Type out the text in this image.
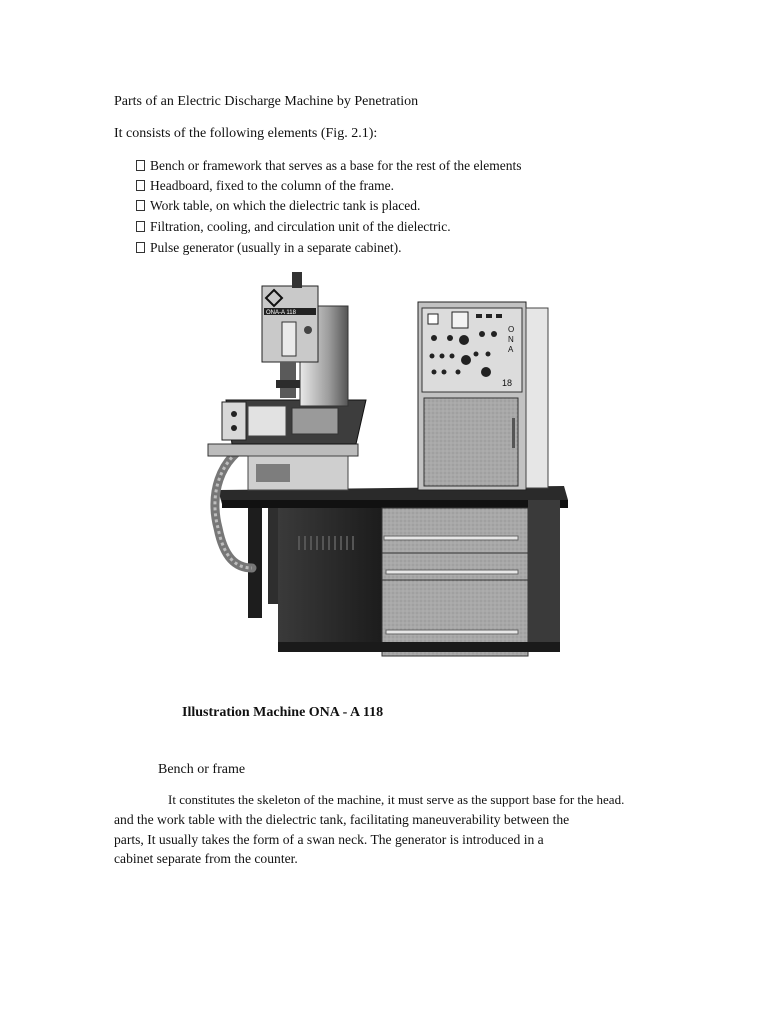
Parts of an Electric Discharge Machine by Penetration
It consists of the following elements (Fig. 2.1):
Bench or framework that serves as a base for the rest of the elements
Headboard, fixed to the column of the frame.
Work table, on which the dielectric tank is placed.
Filtration, cooling, and circulation unit of the dielectric.
Pulse generator (usually in a separate cabinet).
ONA-A 118
O
N
A
18
Illustration Machine ONA - A 118
Bench or frame
It constitutes the skeleton of the machine, it must serve as the support base for the head.
and the work table with the dielectric tank, facilitating maneuverability between the
parts, It usually takes the form of a swan neck. The generator is introduced in a
cabinet separate from the counter.
